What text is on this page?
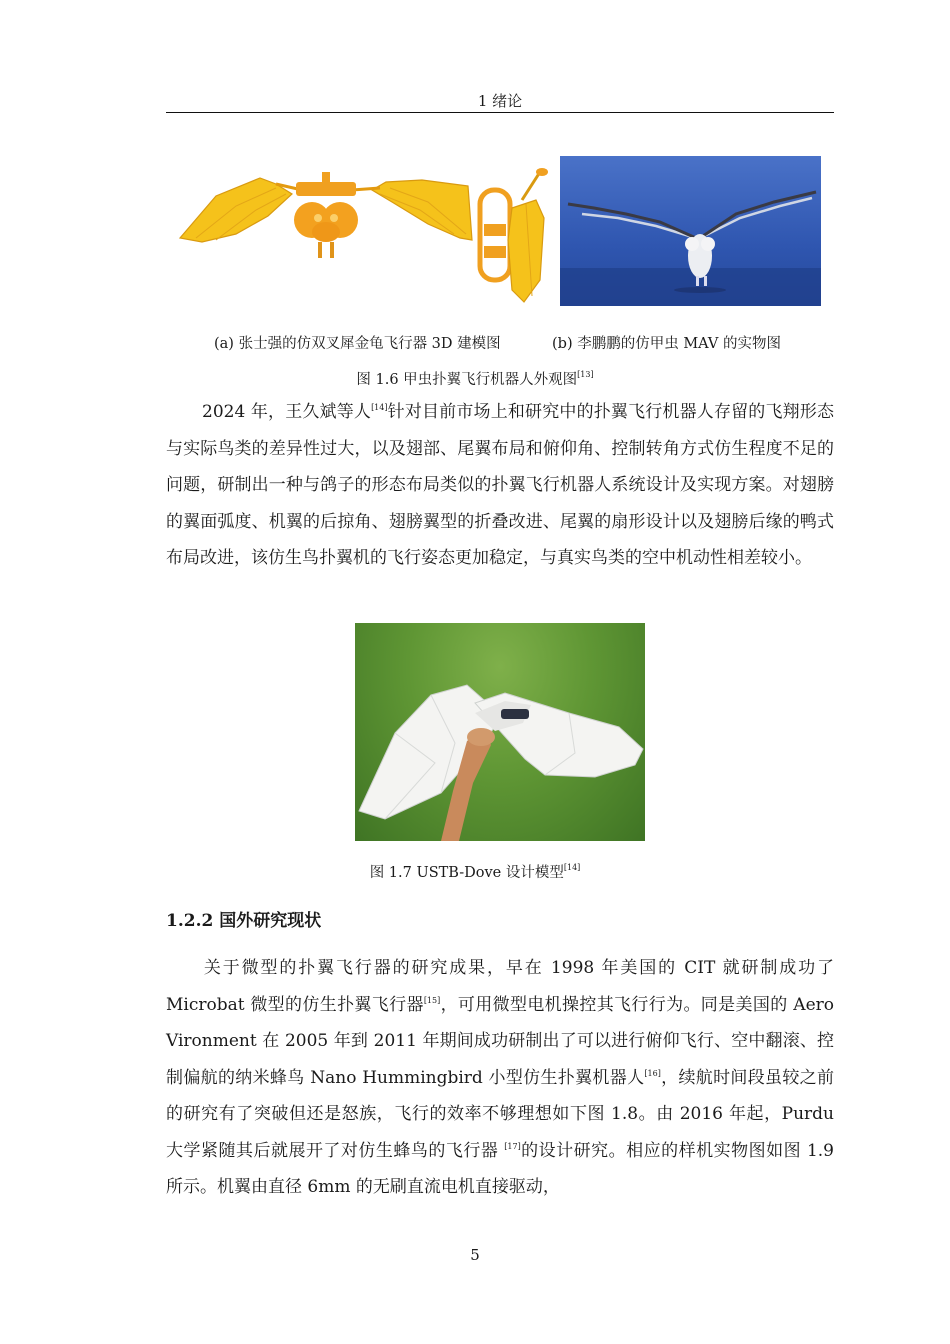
1 绪论
(a) 张士强的仿双叉犀金龟飞行器 3D 建模图	(b) 李鹏鹏的仿甲虫 MAV 的实物图
图 1.6 甲虫扑翼飞行机器人外观图[13]

2024 年，王久斌等人[14]针对目前市场上和研究中的扑翼飞行机器人存留的飞翔形态与实际鸟类的差异性过大，以及翅部、尾翼布局和俯仰角、控制转角方式仿生程度不足的问题，研制出一种与鸽子的形态布局类似的扑翼飞行机器人系统设计及实现方案。对翅膀的翼面弧度、机翼的后掠角、翅膀翼型的折叠改进、尾翼的扇形设计以及翅膀后缘的鸭式布局改进，该仿生鸟扑翼机的飞行姿态更加稳定，与真实鸟类的空中机动性相差较小。

图 1.7 USTB-Dove 设计模型[14]
1.2.2 国外研究现状

关于微型的扑翼飞行器的研究成果，早在 1998 年美国的 CIT 就研制成功了 Microbat 微型的仿生扑翼飞行器[15]，可用微型电机操控其飞行行为。同是美国的 Aero Vironment 在 2005 年到 2011 年期间成功研制出了可以进行俯仰飞行、空中翻滚、控制偏航的纳米蜂鸟 Nano Hummingbird 小型仿生扑翼机器人[16]，续航时间段虽较之前的研究有了突破但还是怒族，飞行的效率不够理想如下图 1.8。由 2016 年起，Purdu 大学紧随其后就展开了对仿生蜂鸟的飞行器 [17]的设计研究。相应的样机实物图如图 1.9 所示。机翼由直径 6mm 的无刷直流电机直接驱动，

5
